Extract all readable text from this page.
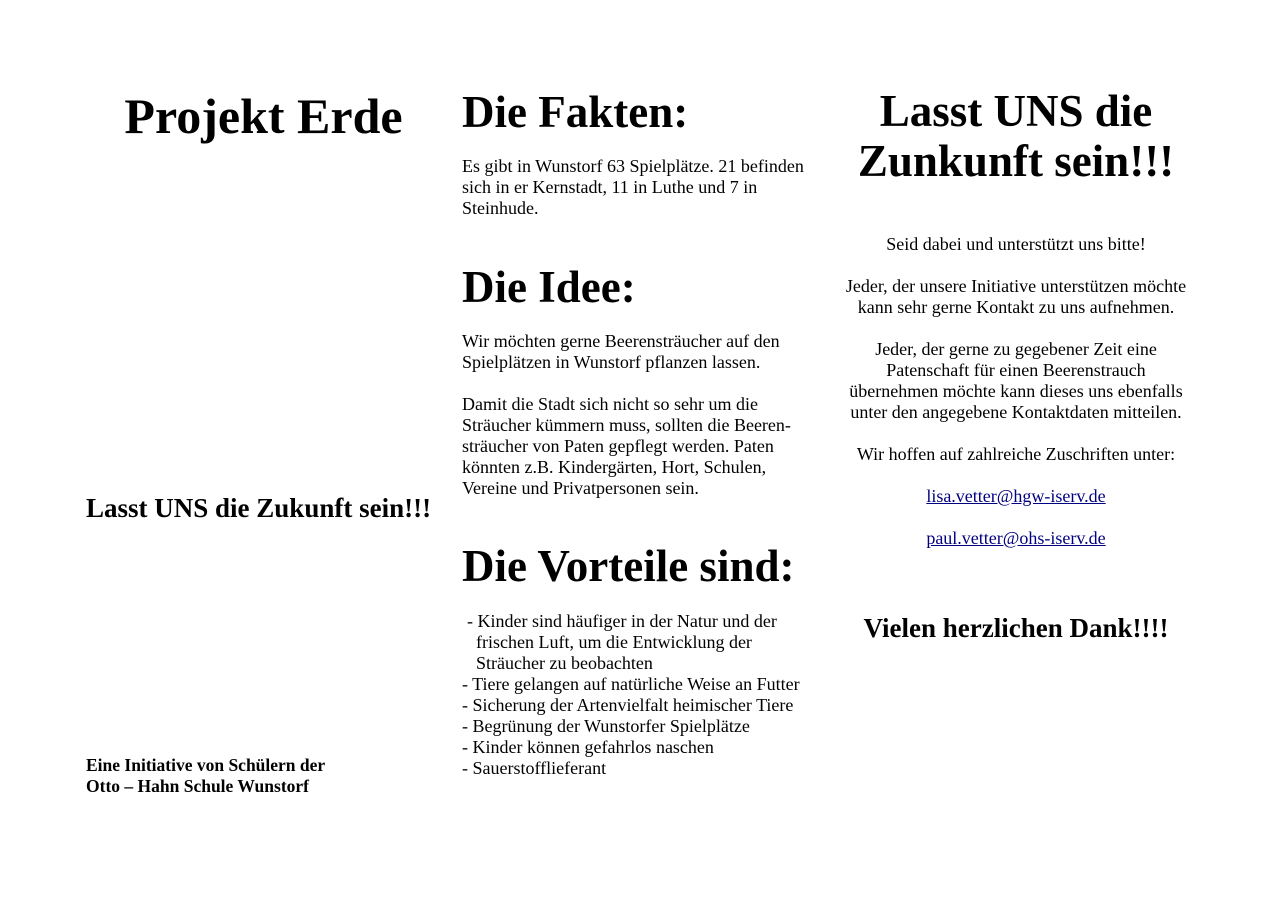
Projekt Erde
Lasst UNS die Zukunft sein!!!
Eine Initiative von Schülern der
Otto – Hahn Schule Wunstorf
Die Fakten:
Es gibt in Wunstorf 63 Spielplätze. 21 befinden
sich in er Kernstadt, 11 in Luthe und 7 in
Steinhude.
Die Idee:
Wir möchten gerne Beerensträucher auf den
Spielplätzen in Wunstorf pflanzen lassen.
Damit die Stadt sich nicht so sehr um die
Sträucher kümmern muss, sollten die Beeren-
sträucher von Paten gepflegt werden. Paten
könnten z.B. Kindergärten, Hort, Schulen,
Vereine und Privatpersonen sein.
Die Vorteile sind:
- Kinder sind häufiger in der Natur und der
frischen Luft, um die Entwicklung der
Sträucher zu beobachten
- Tiere gelangen auf natürliche Weise an Futter
- Sicherung der Artenvielfalt heimischer Tiere
- Begrünung der Wunstorfer Spielplätze
- Kinder können gefahrlos naschen
- Sauerstofflieferant
Lasst UNS die
Zunkunft sein!!!
Seid dabei und unterstützt uns bitte!
Jeder, der unsere Initiative unterstützen möchte
kann sehr gerne Kontakt zu uns aufnehmen.
Jeder, der gerne zu gegebener Zeit eine
Patenschaft für einen Beerenstrauch
übernehmen möchte kann dieses uns ebenfalls
unter den angegebene Kontaktdaten mitteilen.
Wir hoffen auf zahlreiche Zuschriften unter:
lisa.vetter@hgw-iserv.de
paul.vetter@ohs-iserv.de
Vielen herzlichen Dank!!!!
